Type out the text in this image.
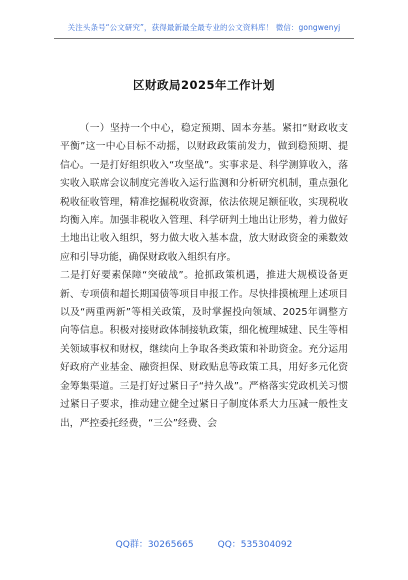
关注头条号“公文研究”，获得最新最全最专业的公文资料库！ 微信：gongwenyj
区财政局2025年工作计划

（一）坚持一个中心，稳定预期、固本夯基。紧扣“财政收支平衡”这一中心目标不动摇，以财政政策前发力，做到稳预期、提信心。一是打好组织收入“攻坚战”。实事求是、科学测算收入，落实收入联席会议制度完善收入运行监测和分析研究机制，重点强化税收征收管理，精准挖掘税收资源，依法依规足额征收，实现税收均衡入库。加强非税收入管理、科学研判土地出让形势，着力做好土地出让收入组织，努力做大收入基本盘，放大财政资金的乘数效应和引导功能，确保财政收入组织有序。

二是打好要素保障“突破战”。抢抓政策机遇，推进大规模设备更新、专项债和超长期国债等项目申报工作。尽快排摸梳理上述项目以及“两重两新”等相关政策，及时掌握投向领域、2025年调整方向等信息。积极对接财政体制接轨政策，细化梳理城建、民生等相关领域事权和财权，继续向上争取各类政策和补助资金。充分运用好政府产业基金、融资担保、财政贴息等政策工具，用好多元化资金筹集渠道。三是打好过紧日子“持久战”。严格落实党政机关习惯过紧日子要求，推动建立健全过紧日子制度体系大力压减一般性支出，严控委托经费，“三公”经费、会

QQ群：30265665	QQ：535304092
